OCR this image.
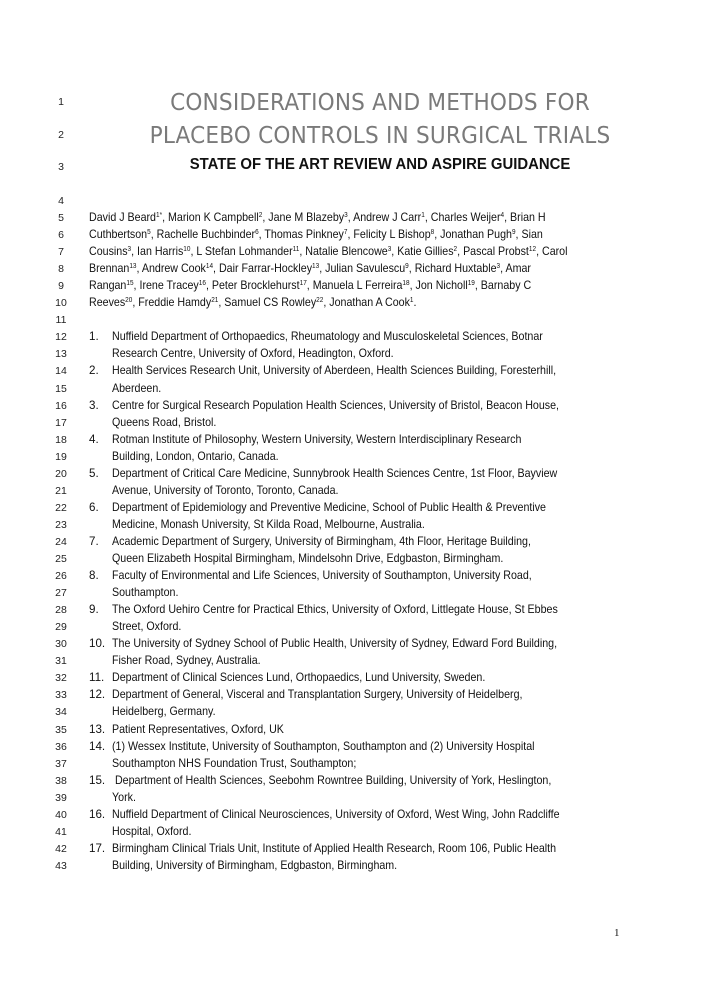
1
2
3
4
5
6
7
8
9
10
11
12
13
14
15
16
17
18
19
20
21
22
23
24
25
26
27
28
29
30
31
32
33
34
35
36
37
38
39
40
41
42
43
CONSIDERATIONS AND METHODS FOR
PLACEBO CONTROLS IN SURGICAL TRIALS
STATE OF THE ART REVIEW AND ASPIRE GUIDANCE
David J Beard$^{1*}$, Marion K Campbell$^2$, Jane M Blazeby$^3$, Andrew J Carr$^1$, Charles Weijer$^4$, Brian H
Cuthbertson$^5$, Rachelle Buchbinder$^6$, Thomas Pinkney$^7$, Felicity L Bishop$^8$, Jonathan Pugh$^9$, Sian
Cousins$^3$, Ian Harris$^{10}$, L Stefan Lohmander$^{11}$, Natalie Blencowe$^3$, Katie Gillies$^2$, Pascal Probst$^{12}$, Carol
Brennan$^{13}$, Andrew Cook$^{14}$, Dair Farrar-Hockley$^{13}$, Julian Savulescu$^9$, Richard Huxtable$^3$, Amar
Rangan$^{15}$, Irene Tracey$^{16}$, Peter Brocklehurst$^{17}$, Manuela L Ferreira$^{18}$, Jon Nicholl$^{19}$, Barnaby C
Reeves$^{20}$, Freddie Hamdy$^{21}$, Samuel CS Rowley$^{22}$, Jonathan A Cook$^1$.
1. Nuffield Department of Orthopaedics, Rheumatology and Musculoskeletal Sciences, Botnar
Research Centre, University of Oxford, Headington, Oxford.
2. Health Services Research Unit, University of Aberdeen, Health Sciences Building, Foresterhill,
Aberdeen.
3. Centre for Surgical Research Population Health Sciences, University of Bristol, Beacon House,
Queens Road, Bristol.
4. Rotman Institute of Philosophy, Western University, Western Interdisciplinary Research
Building, London, Ontario, Canada.
5. Department of Critical Care Medicine, Sunnybrook Health Sciences Centre, 1st Floor, Bayview
Avenue, University of Toronto, Toronto, Canada.
6. Department of Epidemiology and Preventive Medicine, School of Public Health & Preventive
Medicine, Monash University, St Kilda Road, Melbourne, Australia.
7. Academic Department of Surgery, University of Birmingham, 4th Floor, Heritage Building,
Queen Elizabeth Hospital Birmingham, Mindelsohn Drive, Edgbaston, Birmingham.
8. Faculty of Environmental and Life Sciences, University of Southampton, University Road,
Southampton.
9. The Oxford Uehiro Centre for Practical Ethics, University of Oxford, Littlegate House, St Ebbes
Street, Oxford.
10. The University of Sydney School of Public Health, University of Sydney, Edward Ford Building,
Fisher Road, Sydney, Australia.
11. Department of Clinical Sciences Lund, Orthopaedics, Lund University, Sweden.
12. Department of General, Visceral and Transplantation Surgery, University of Heidelberg,
Heidelberg, Germany.
13. Patient Representatives, Oxford, UK
14. (1) Wessex Institute, University of Southampton, Southampton and (2) University Hospital
Southampton NHS Foundation Trust, Southampton;
15. Department of Health Sciences, Seebohm Rowntree Building, University of York, Heslington,
York.
16. Nuffield Department of Clinical Neurosciences, University of Oxford, West Wing, John Radcliffe
Hospital, Oxford.
17. Birmingham Clinical Trials Unit, Institute of Applied Health Research, Room 106, Public Health
Building, University of Birmingham, Edgbaston, Birmingham.
1
